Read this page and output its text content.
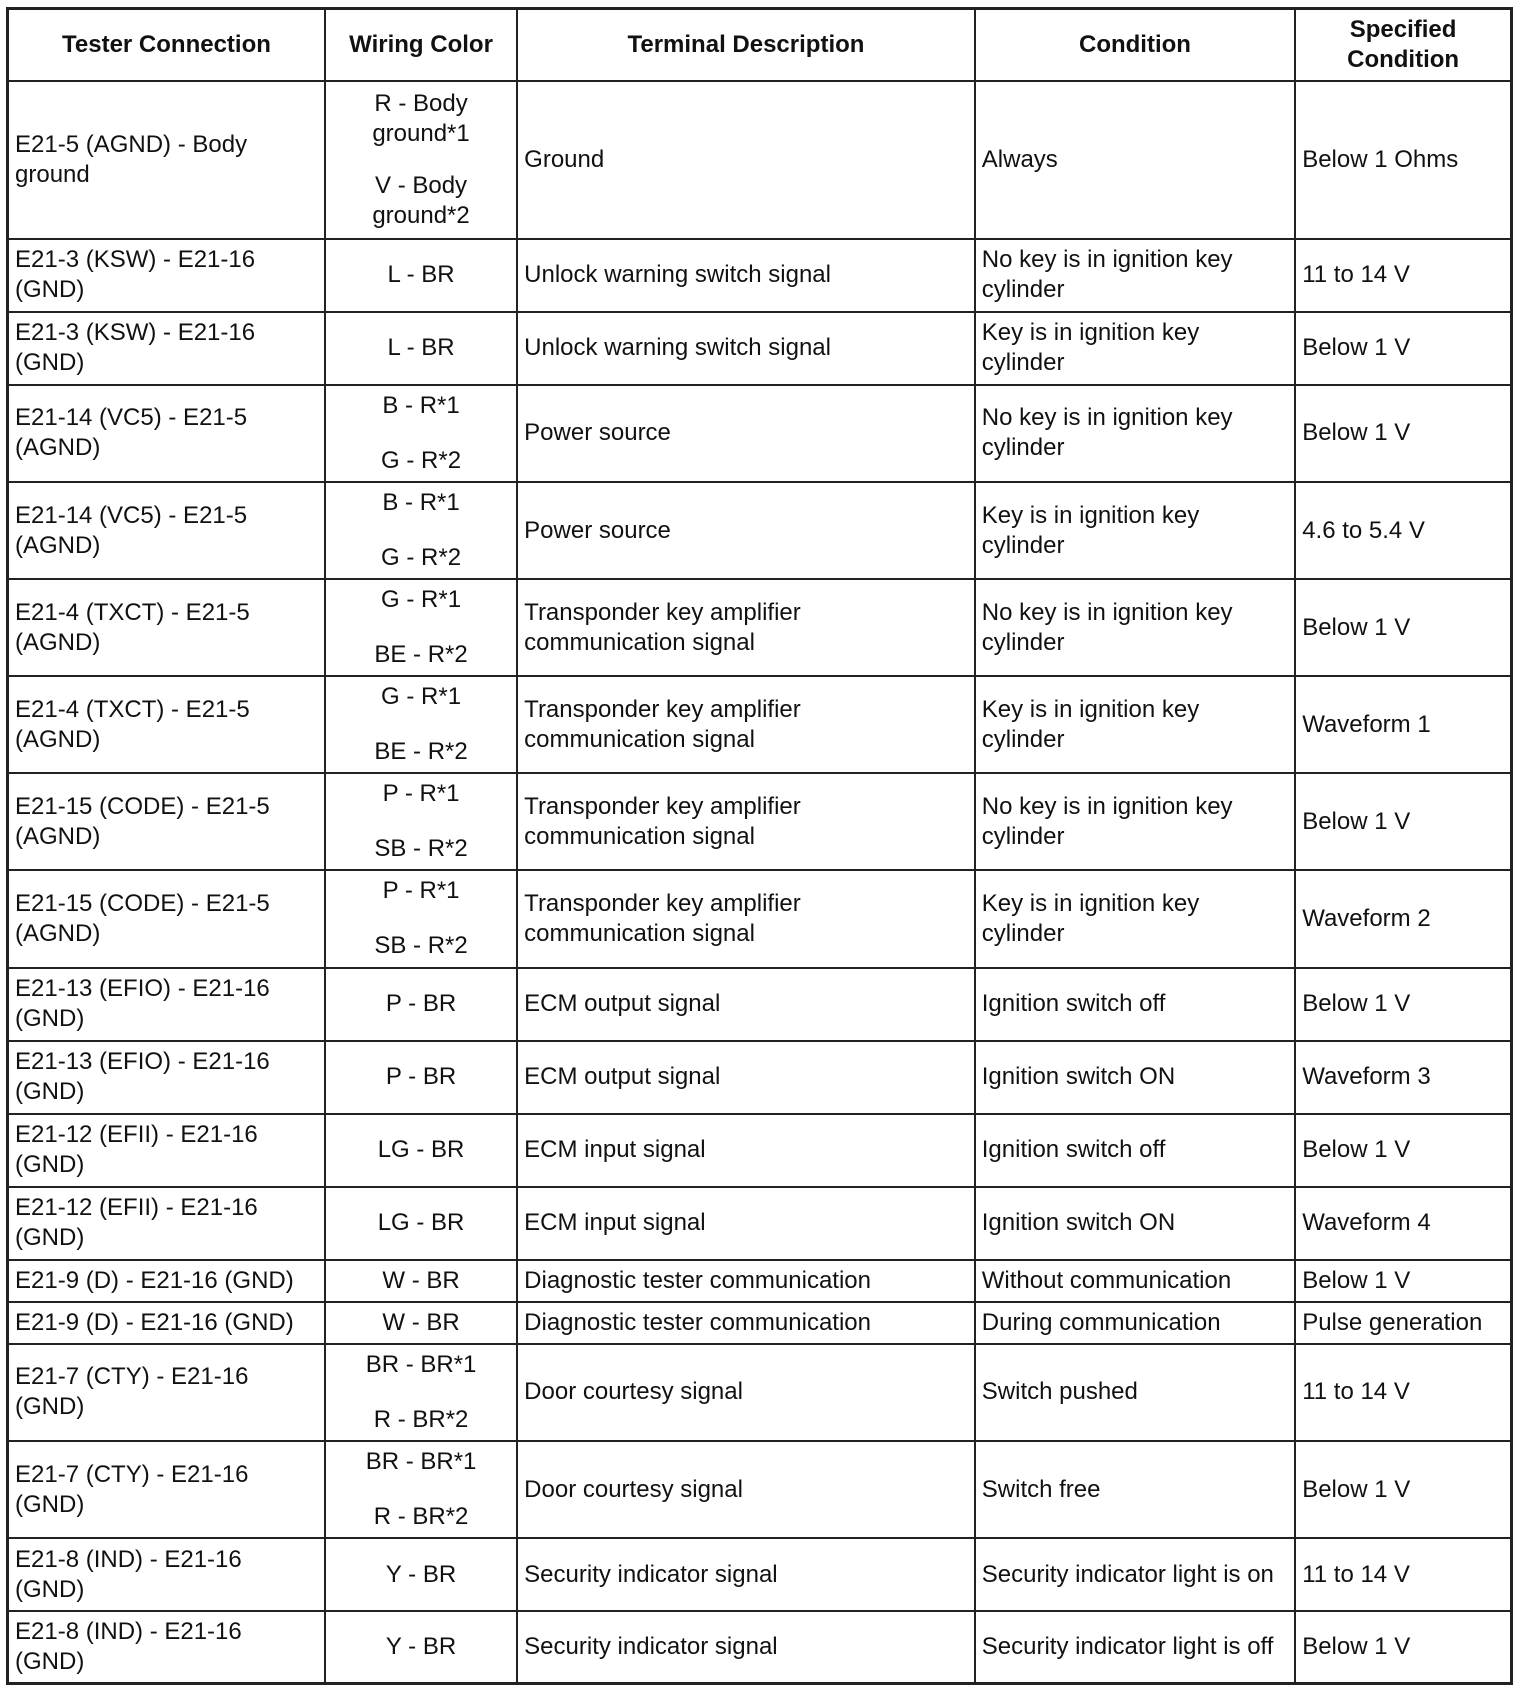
Tester Connection	Wiring Color	Terminal Description	Condition	Specified
Condition

E21-5 (AGND) - Body
ground	R - Body
ground*1
V - Body
ground*2	Ground	Always	Below 1 Ohms

E21-3 (KSW) - E21-16
(GND)	L - BR	Unlock warning switch signal	No key is in ignition key
cylinder	11 to 14 V

E21-3 (KSW) - E21-16
(GND)	L - BR	Unlock warning switch signal	Key is in ignition key
cylinder	Below 1 V

E21-14 (VC5) - E21-5
(AGND)	B - R*1
G - R*2	Power source	No key is in ignition key
cylinder	Below 1 V

E21-14 (VC5) - E21-5
(AGND)	B - R*1
G - R*2	Power source	Key is in ignition key
cylinder	4.6 to 5.4 V

E21-4 (TXCT) - E21-5
(AGND)	G - R*1
BE - R*2	Transponder key amplifier
communication signal	No key is in ignition key
cylinder	Below 1 V

E21-4 (TXCT) - E21-5
(AGND)	G - R*1
BE - R*2	Transponder key amplifier
communication signal	Key is in ignition key
cylinder	Waveform 1

E21-15 (CODE) - E21-5
(AGND)	P - R*1
SB - R*2	Transponder key amplifier
communication signal	No key is in ignition key
cylinder	Below 1 V

E21-15 (CODE) - E21-5
(AGND)	P - R*1
SB - R*2	Transponder key amplifier
communication signal	Key is in ignition key
cylinder	Waveform 2

E21-13 (EFIO) - E21-16
(GND)	P - BR	ECM output signal	Ignition switch off	Below 1 V

E21-13 (EFIO) - E21-16
(GND)	P - BR	ECM output signal	Ignition switch ON	Waveform 3

E21-12 (EFII) - E21-16
(GND)	LG - BR	ECM input signal	Ignition switch off	Below 1 V

E21-12 (EFII) - E21-16
(GND)	LG - BR	ECM input signal	Ignition switch ON	Waveform 4

E21-9 (D) - E21-16 (GND)	W - BR	Diagnostic tester communication	Without communication	Below 1 V

E21-9 (D) - E21-16 (GND)	W - BR	Diagnostic tester communication	During communication	Pulse generation

E21-7 (CTY) - E21-16
(GND)	BR - BR*1
R - BR*2	Door courtesy signal	Switch pushed	11 to 14 V

E21-7 (CTY) - E21-16
(GND)	BR - BR*1
R - BR*2	Door courtesy signal	Switch free	Below 1 V

E21-8 (IND) - E21-16
(GND)	Y - BR	Security indicator signal	Security indicator light is on	11 to 14 V

E21-8 (IND) - E21-16
(GND)	Y - BR	Security indicator signal	Security indicator light is off	Below 1 V
